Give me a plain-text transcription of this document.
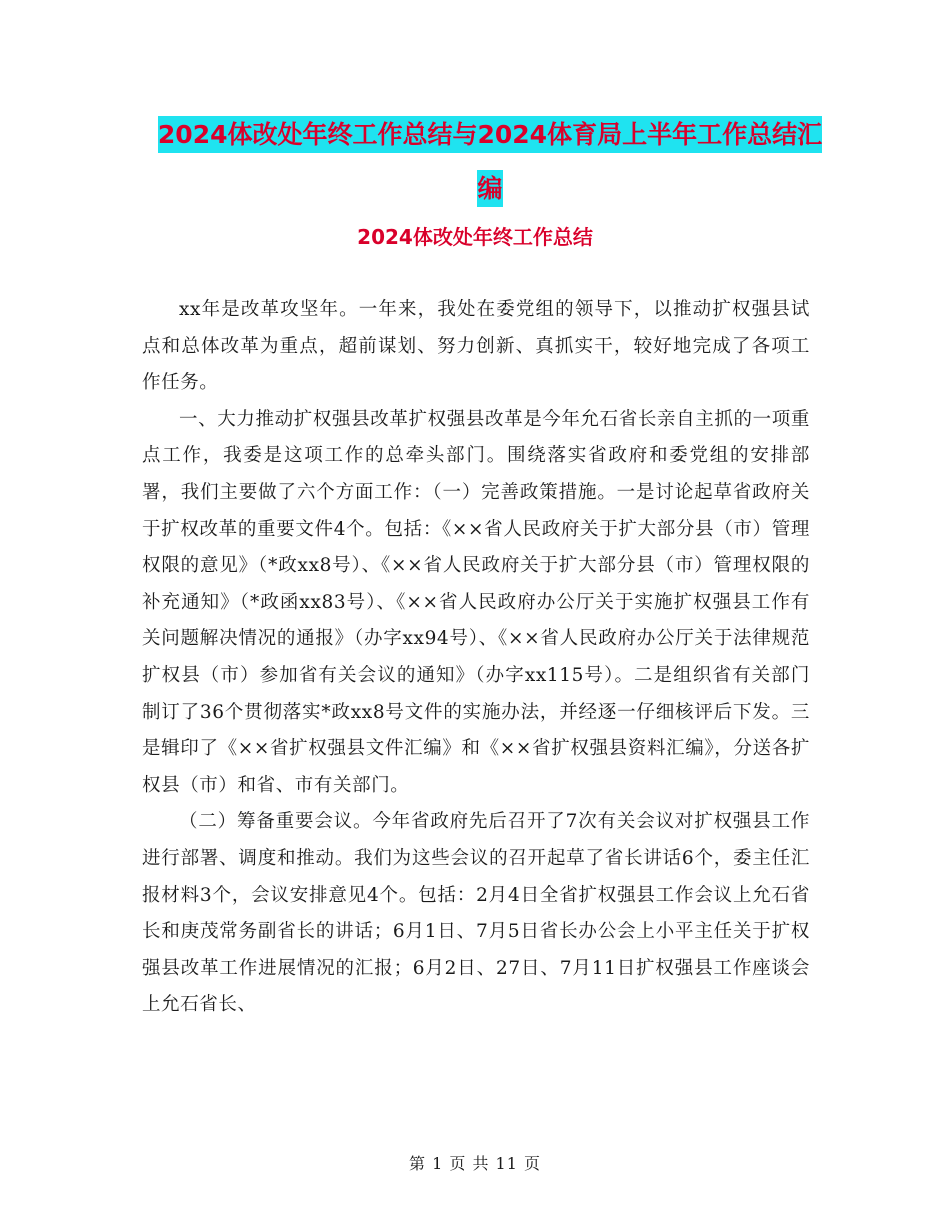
2024体改处年终工作总结与2024体育局上半年工作总结汇编
2024体改处年终工作总结

xx年是改革攻坚年。一年来，我处在委党组的领导下，以推动扩权强县试点和总体改革为重点，超前谋划、努力创新、真抓实干，较好地完成了各项工作任务。

一、大力推动扩权强县改革扩权强县改革是今年允石省长亲自主抓的一项重点工作，我委是这项工作的总牵头部门。围绕落实省政府和委党组的安排部署，我们主要做了六个方面工作：（一）完善政策措施。一是讨论起草省政府关于扩权改革的重要文件4个。包括：《××省人民政府关于扩大部分县（市）管理权限的意见》（*政xx8号）、《××省人民政府关于扩大部分县（市）管理权限的补充通知》（*政函xx83号）、《××省人民政府办公厅关于实施扩权强县工作有关问题解决情况的通报》（办字xx94号）、《××省人民政府办公厅关于法律规范扩权县（市）参加省有关会议的通知》（办字xx115号）。二是组织省有关部门制订了36个贯彻落实*政xx8号文件的实施办法，并经逐一仔细核评后下发。三是辑印了《××省扩权强县文件汇编》和《××省扩权强县资料汇编》，分送各扩权县（市）和省、市有关部门。

（二）筹备重要会议。今年省政府先后召开了7次有关会议对扩权强县工作进行部署、调度和推动。我们为这些会议的召开起草了省长讲话6个，委主任汇报材料3个，会议安排意见4个。包括：2月4日全省扩权强县工作会议上允石省长和庚茂常务副省长的讲话；6月1日、7月5日省长办公会上小平主任关于扩权强县改革工作进展情况的汇报；6月2日、27日、7月11日扩权强县工作座谈会上允石省长、

第 1 页 共 11 页
